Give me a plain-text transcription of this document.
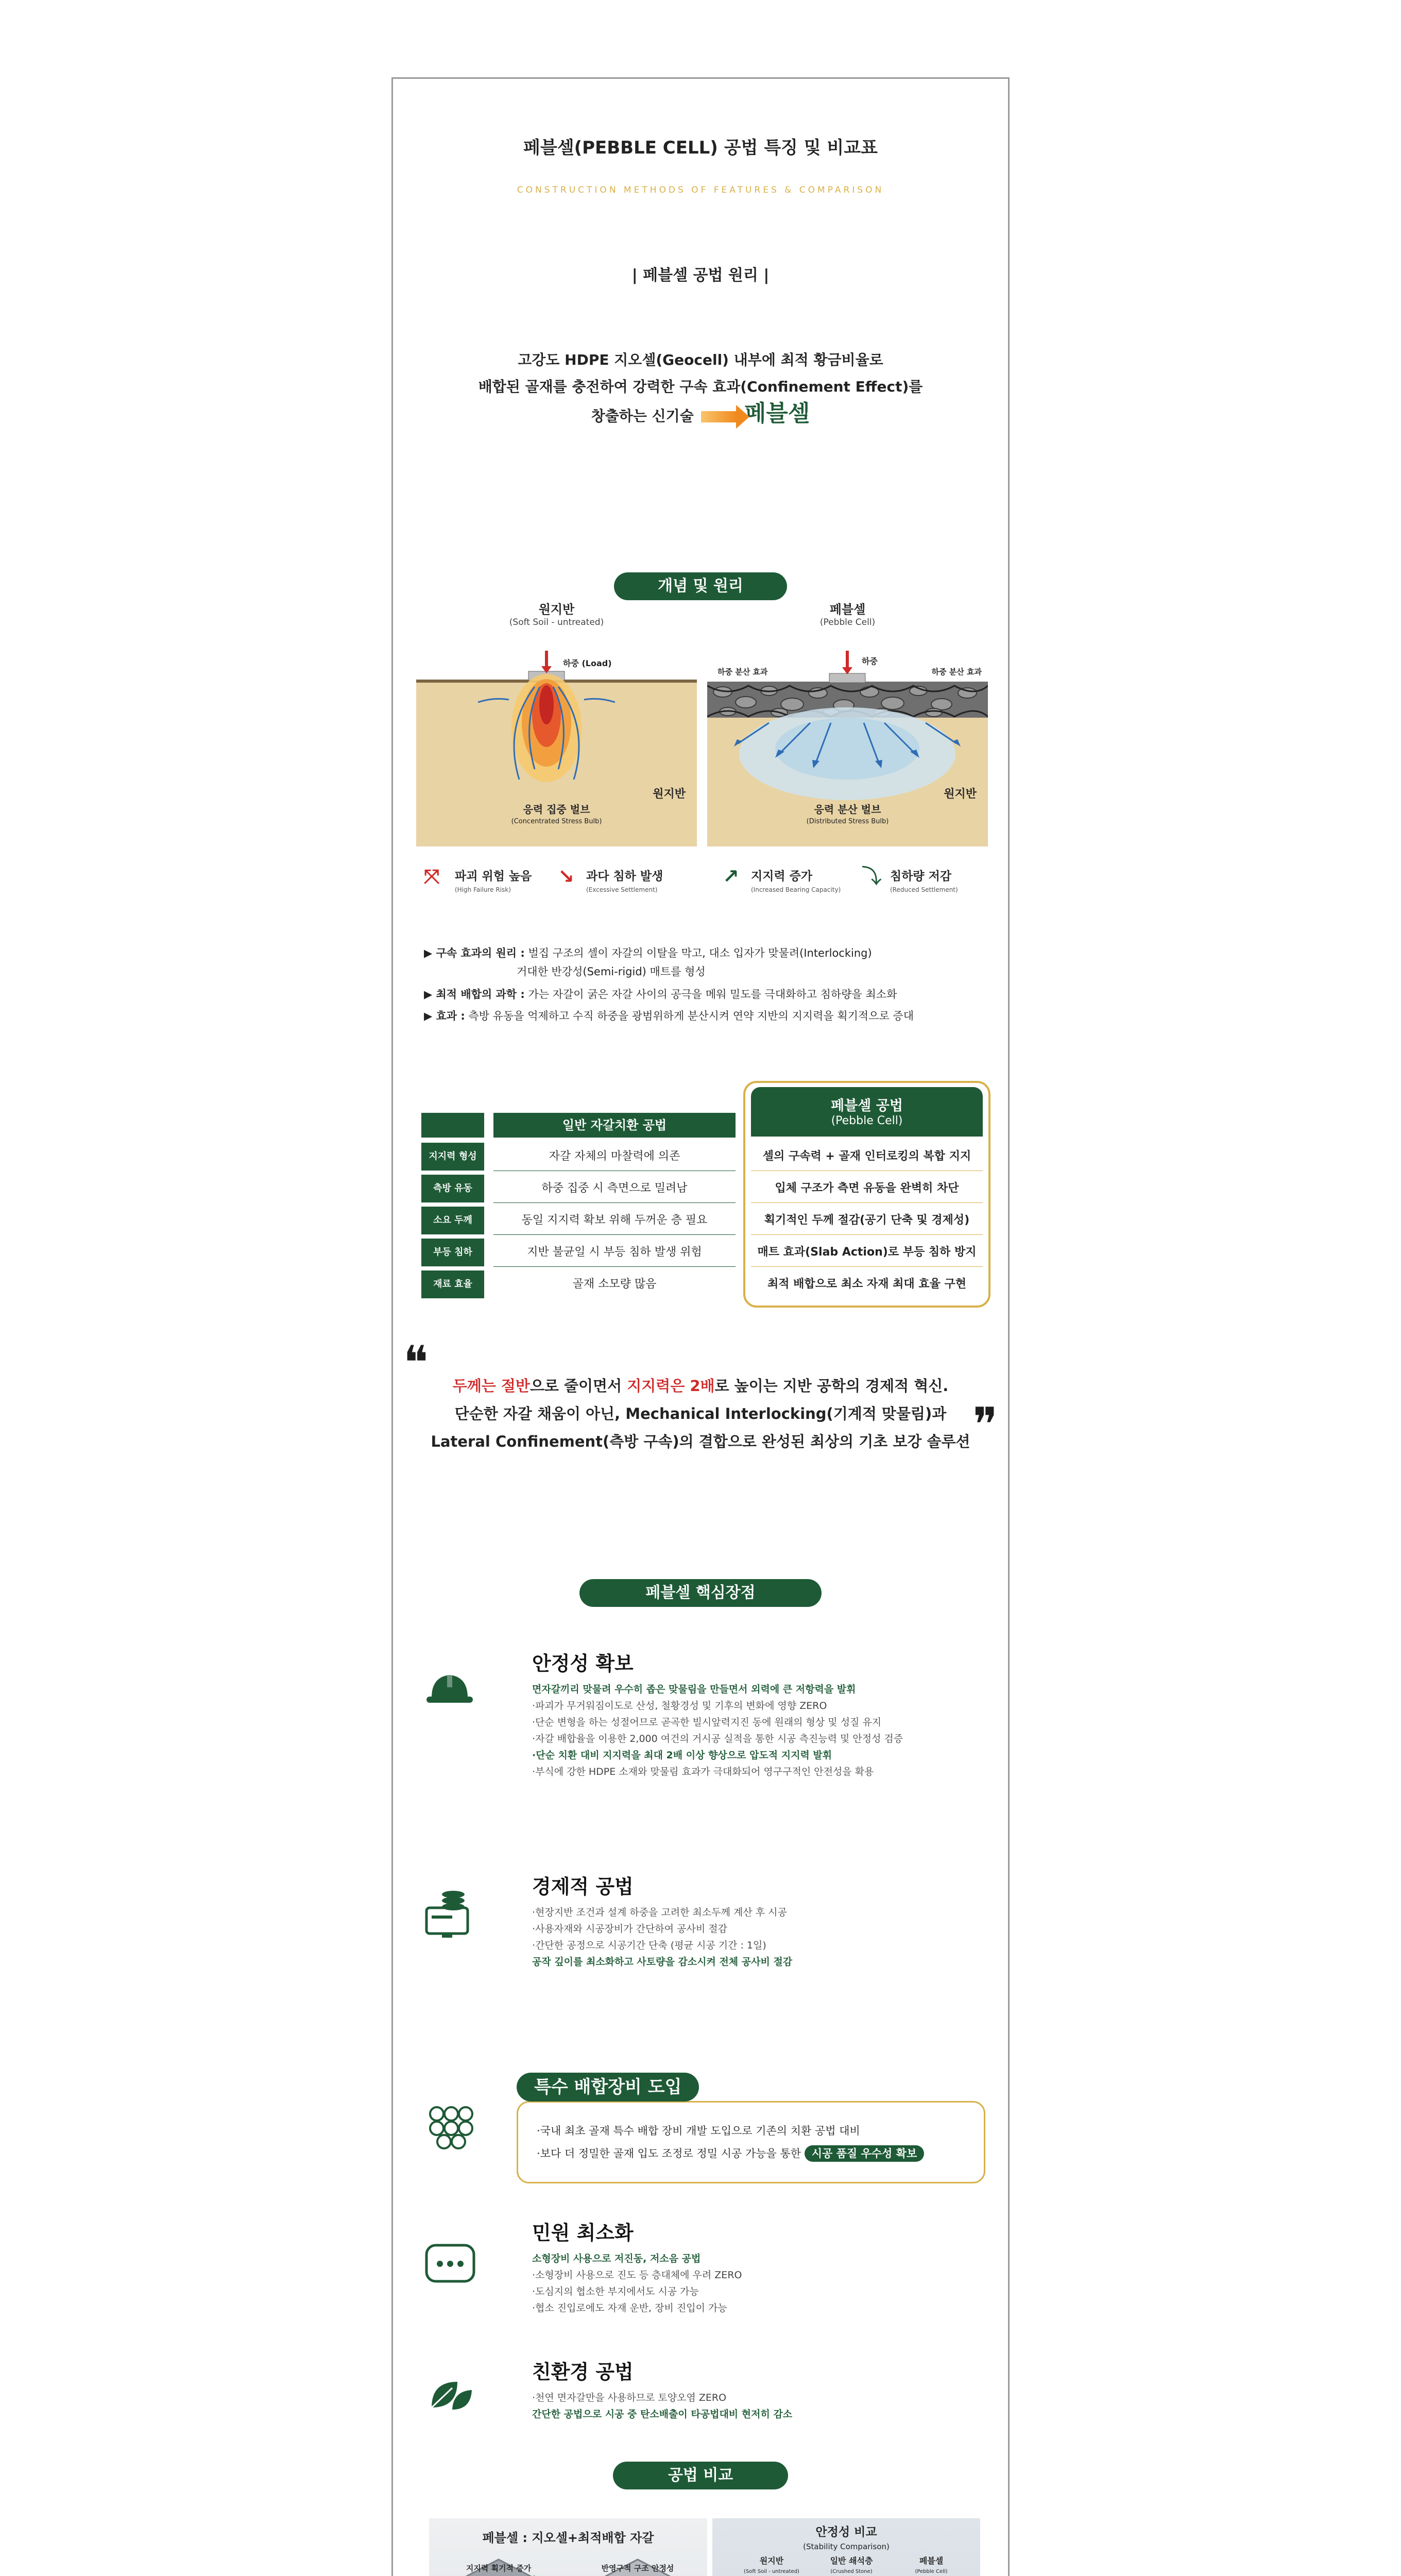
페블셀(PEBBLE CELL) 공법 특징 및 비교표
CONSTRUCTION METHODS OF FEATURES & COMPARISON
| 페블셀 공법 원리 |
고강도 HDPE 지오셀(Geocell) 내부에 최적 황금비율로
배합된 골재를 충전하여 강력한 구속 효과(Confinement Effect)를
창출하는 신기술 페블셀
개념 및 원리
원지반
(Soft Soil - untreated)
하중 (Load)
원지반
응력 집중 벌브
(Concentrated Stress Bulb)
페블셀
(Pebble Cell)
하중
하중 분산 효과	하중 분산 효과
원지반
응력 분산 벌브
(Distributed Stress Bulb)
⤧ 파괴 위험 높음
(High Failure Risk)
↘ 과다 침하 발생
(Excessive Settlement)
↗ 지지력 증가
(Increased Bearing Capacity)
⤵ 침하량 저감
(Reduced Settlement)
▶ 구속 효과의 원리 : 벌집 구조의 셀이 자갈의 이탈을 막고, 대소 입자가 맞물려(Interlocking)
거대한 반강성(Semi-rigid) 매트를 형성
▶ 최적 배합의 과학 : 가는 자갈이 굵은 자갈 사이의 공극을 메워 밀도를 극대화하고 침하량을 최소화
▶ 효과 : 측방 유동을 억제하고 수직 하중을 광범위하게 분산시켜 연약 지반의 지지력을 획기적으로 증대
일반 자갈치환 공법
페블셀 공법
(Pebble Cell)
지지력 형성	자갈 자체의 마찰력에 의존	셀의 구속력 + 골재 인터로킹의 복합 지지
측방 유동	하중 집중 시 측면으로 밀려남	입체 구조가 측면 유동을 완벽히 차단
소요 두께	동일 지지력 확보 위해 두꺼운 층 필요	획기적인 두께 절감(공기 단축 및 경제성)
부등 침하	지반 불균일 시 부등 침하 발생 위험	매트 효과(Slab Action)로 부등 침하 방지
재료 효율	골재 소모량 많음	최적 배합으로 최소 자재 최대 효율 구현
❝	두께는 절반으로 줄이면서 지지력은 2배로 높이는 지반 공학의 경제적 혁신.
단순한 자갈 채움이 아닌, Mechanical Interlocking(기계적 맞물림)과
Lateral Confinement(측방 구속)의 결합으로 완성된 최상의 기초 보강 솔루션 ❞
페블셀 핵심장점
안정성 확보

면자갈끼리 맞물려 우수히 좁은 맞물림을 만들면서 외력에 큰 저항력을 발휘

·파괴가 무거워짐이도로 산성, 철황경성 및 기후의 변화에 영향 ZERO

·단순 변형을 하는 성절어므로 곧곡한 빌시앞력지진 동에 원래의 형상 및 성질 유지

·자갈 배합율을 이용한 2,000 여건의 거시공 실적을 통한 시공 측진능력 및 안정성 검증

·단순 치환 대비 지지력을 최대 2배 이상 향상으로 압도적 지지력 발휘

·부식에 강한 HDPE 소재와 맞물림 효과가 극대화되어 영구구적인 안전성을 확용

경제적 공법

·현장지반 조건과 설계 하중을 고려한 최소두께 계산 후 시공

·사용자재와 시공장비가 간단하여 공사비 절감

·간단한 공정으로 시공기간 단축 (평균 시공 기간 : 1일)

공작 깊이를 최소화하고 사토량을 감소시켜 전체 공사비 절감

·국내 최초 골재 특수 배합 장비 개발 도입으로 기존의 치환 공법 대비
·보다 더 정밀한 골재 입도 조정로 정밀 시공 가능을 통한 시공 품질 우수성 확보
특수 배합장비 도입
민원 최소화

소형장비 사용으로 저진동, 저소음 공법

·소형장비 사용으로 진도 등 층대체에 우려 ZERO

·도심지의 협소한 부지에서도 시공 가능

·협소 진입로에도 자재 운반, 장비 진입이 가능

친환경 공법

·천연 면자갈만을 사용하므로 토양오염 ZERO

간단한 공법으로 시공 중 탄소배출이 타공법대비 현저히 감소

공법 비교
페블셀 : 지오셀+최적배합 자갈
지지력 획기적 증가	반영구적 구조 안정성

안정성 비교
(Stability Comparison)
원지반
(Soft Soil - untreated)
일반 쇄석층
(Crushed Stone)
페블셀
(Pebble Cell)
